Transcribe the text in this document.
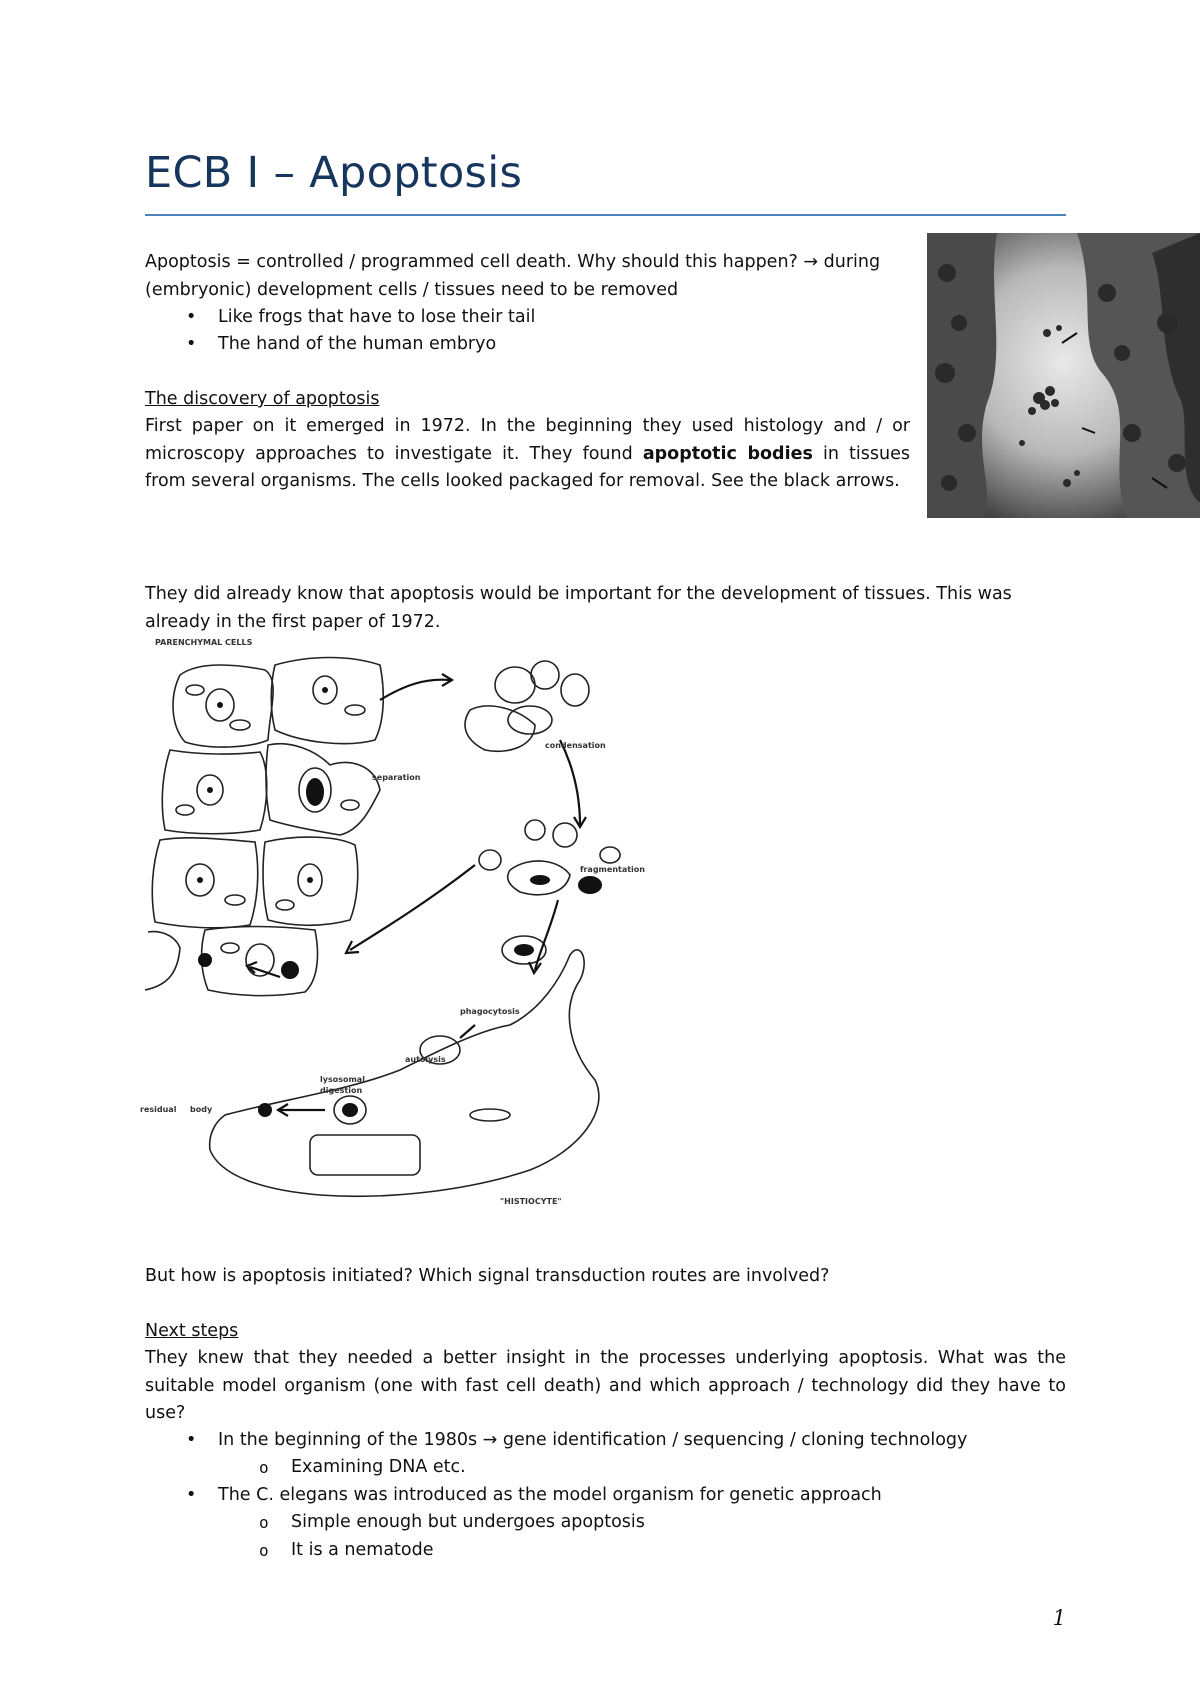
ECB I – Apoptosis
Apoptosis = controlled / programmed cell death. Why should this happen? → during
(embryonic) development cells / tissues need to be removed
• Like frogs that have to lose their tail
• The hand of the human embryo
The discovery of apoptosis
First paper on it emerged in 1972. In the beginning they used histology and / or microscopy approaches to investigate it. They found apoptotic bodies in tissues from several organisms. The cells looked packaged for removal. See the black arrows.
They did already know that apoptosis would be important for the development of tissues. This was already in the first paper of 1972.
PARENCHYMAL CELLS
condensation
separation
fragmentation
phagocytosis
autolysis
lysosomal
digestion
residual body
"HISTIOCYTE"
But how is apoptosis initiated? Which signal transduction routes are involved?
Next steps
They knew that they needed a better insight in the processes underlying apoptosis. What was the suitable model organism (one with fast cell death) and which approach / technology did they have to use?
• In the beginning of the 1980s → gene identification / sequencing / cloning technology
o Examining DNA etc.
• The C. elegans was introduced as the model organism for genetic approach
o Simple enough but undergoes apoptosis
o It is a nematode
1
